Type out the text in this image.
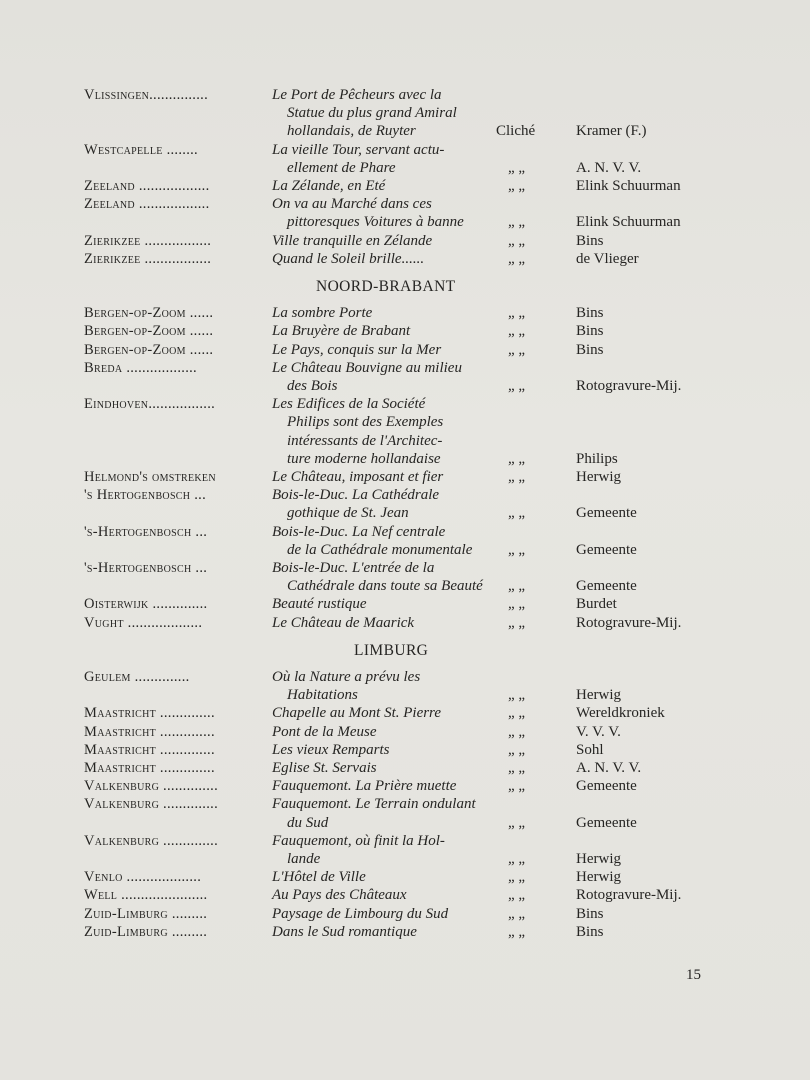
Vlissingen...............	Le Port de Pêcheurs avec la
Statue du plus grand Amiral
hollandais, de Ruyter	Cliché	Kramer (F.)
Westcapelle ........	La vieille Tour, servant actu-
ellement de Phare	„ „	A. N. V. V.
Zeeland ..................	La Zélande, en Eté	„ „	Elink Schuurman
Zeeland ..................	On va au Marché dans ces
pittoresques Voitures à banne	„ „	Elink Schuurman
Zierikzee .................	Ville tranquille en Zélande	„ „	Bins
Zierikzee .................	Quand le Soleil brille......	„ „	de Vlieger
NOORD-BRABANT
Bergen-op-Zoom ......	La sombre Porte	„ „	Bins
Bergen-op-Zoom ......	La Bruyère de Brabant	„ „	Bins
Bergen-op-Zoom ......	Le Pays, conquis sur la Mer	„ „	Bins
Breda ..................	Le Château Bouvigne au milieu
des Bois	„ „	Rotogravure-Mij.
Eindhoven.................	Les Edifices de la Société
Philips sont des Exemples
intéressants de l'Architec-
ture moderne hollandaise	„ „	Philips
Helmond's omstreken	Le Château, imposant et fier	„ „	Herwig
's Hertogenbosch ...	Bois-le-Duc. La Cathédrale
gothique de St. Jean	„ „	Gemeente
's-Hertogenbosch ...	Bois-le-Duc. La Nef centrale
de la Cathédrale monumentale „ „	Gemeente
's-Hertogenbosch ...	Bois-le-Duc. L'entrée de la
Cathédrale dans toute sa Beauté „ „	Gemeente
Oisterwijk ..............	Beauté rustique	„ „	Burdet
Vught ...................	Le Château de Maarick	„ „	Rotogravure-Mij.
LIMBURG
Geulem ..............	Où la Nature a prévu les
Habitations	„ „	Herwig
Maastricht ..............	Chapelle au Mont St. Pierre	„ „	Wereldkroniek
Maastricht ..............	Pont de la Meuse	„ „	V. V. V.
Maastricht ..............	Les vieux Remparts	„ „	Sohl
Maastricht ..............	Eglise St. Servais	„ „	A. N. V. V.
Valkenburg ..............	Fauquemont. La Prière muette	„ „	Gemeente
Valkenburg ..............	Fauquemont. Le Terrain ondulant
du Sud	„ „	Gemeente
Valkenburg ..............	Fauquemont, où finit la Hol-
lande	„ „	Herwig
Venlo ...................	L'Hôtel de Ville	„ „	Herwig
Well ......................	Au Pays des Châteaux	„ „	Rotogravure-Mij.
Zuid-Limburg .........	Paysage de Limbourg du Sud	„ „	Bins
Zuid-Limburg .........	Dans le Sud romantique	„ „	Bins
15
